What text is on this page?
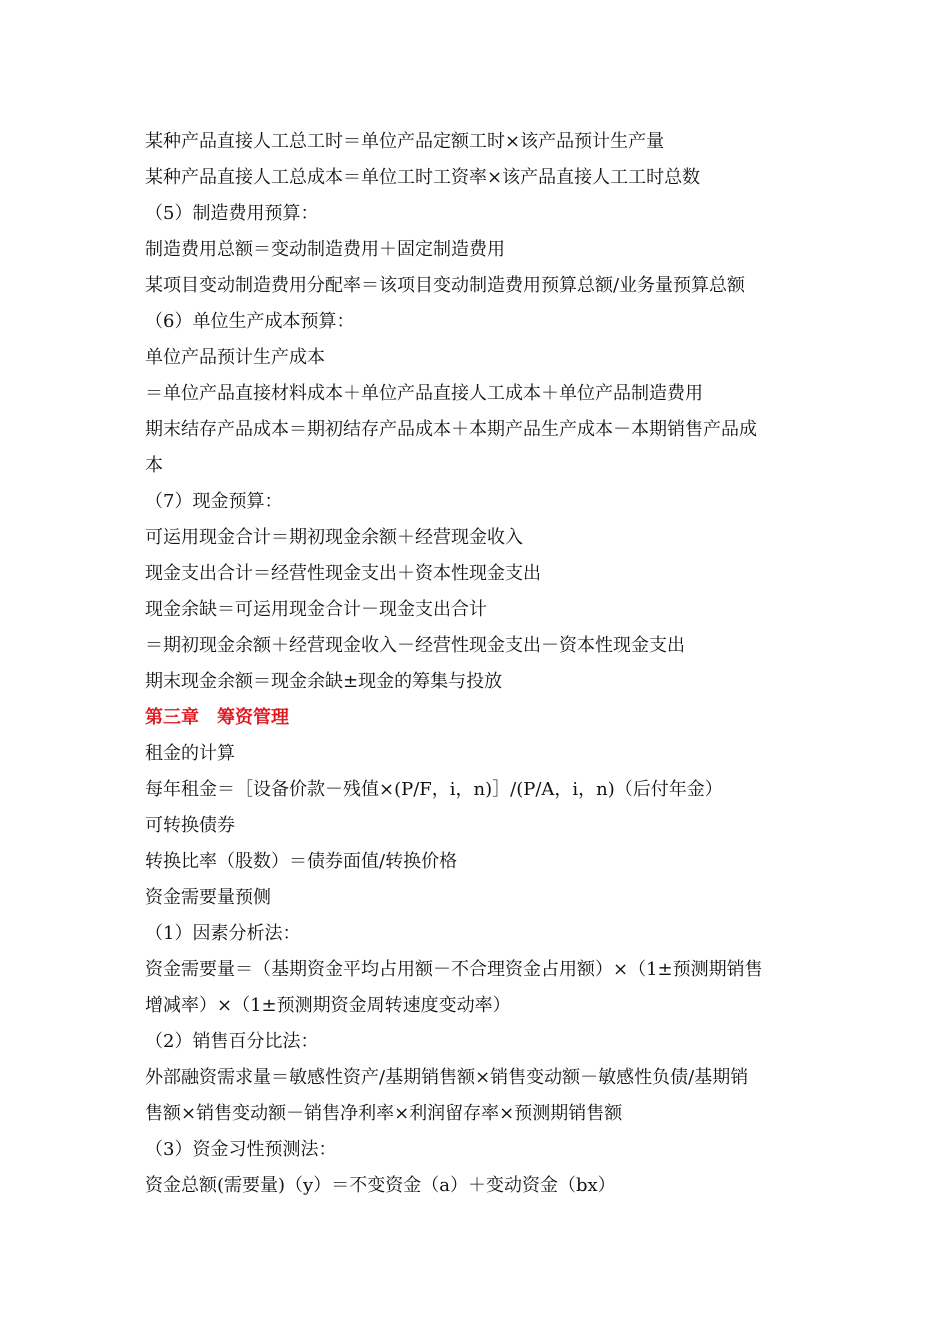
某种产品直接人工总工时＝单位产品定额工时×该产品预计生产量
某种产品直接人工总成本＝单位工时工资率×该产品直接人工工时总数
（5）制造费用预算：
制造费用总额＝变动制造费用＋固定制造费用
某项目变动制造费用分配率＝该项目变动制造费用预算总额/业务量预算总额
（6）单位生产成本预算：
单位产品预计生产成本
＝单位产品直接材料成本＋单位产品直接人工成本＋单位产品制造费用
期末结存产品成本＝期初结存产品成本＋本期产品生产成本－本期销售产品成
本
（7）现金预算：
可运用现金合计＝期初现金余额＋经营现金收入
现金支出合计＝经营性现金支出＋资本性现金支出
现金余缺＝可运用现金合计－现金支出合计
＝期初现金余额＋经营现金收入－经营性现金支出－资本性现金支出
期末现金余额＝现金余缺±现金的筹集与投放
第三章　筹资管理
租金的计算
每年租金＝［设备价款－残值×(P/F，i，n)］/(P/A，i，n)（后付年金）
可转换债券
转换比率（股数）＝债券面值/转换价格
资金需要量预侧
（1）因素分析法：
资金需要量＝（基期资金平均占用额－不合理资金占用额）×（1±预测期销售
增减率）×（1±预测期资金周转速度变动率）
（2）销售百分比法：
外部融资需求量＝敏感性资产/基期销售额×销售变动额－敏感性负债/基期销
售额×销售变动额－销售净利率×利润留存率×预测期销售额
（3）资金习性预测法：
资金总额(需要量)（y）＝不变资金（a）＋变动资金（bx）
